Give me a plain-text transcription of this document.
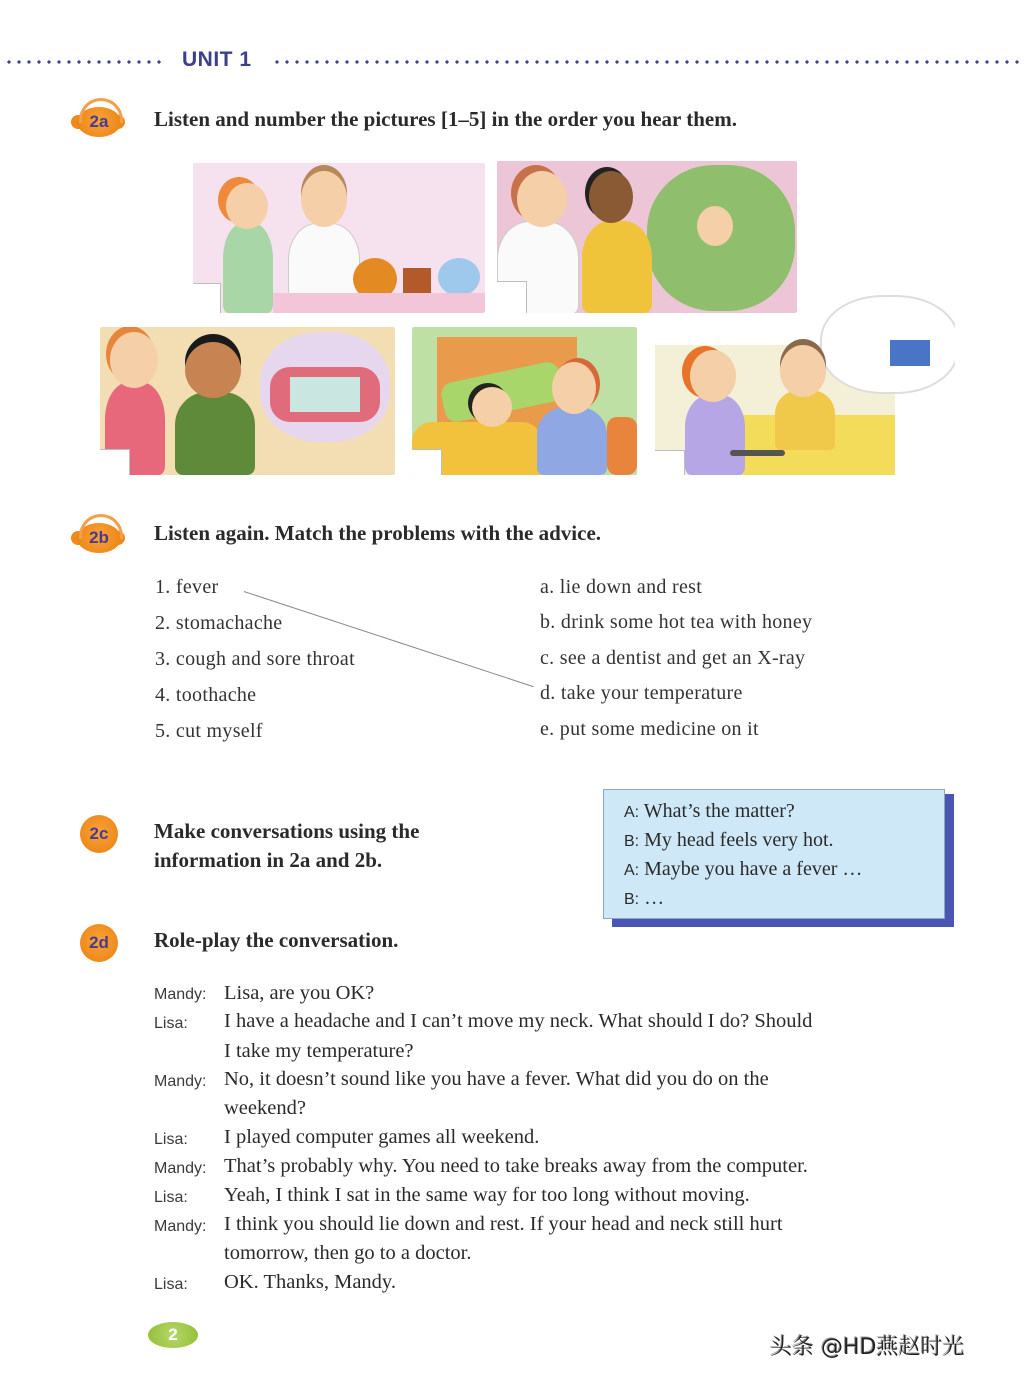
UNIT 1
2a	Listen and number the pictures [1–5] in the order you hear them.
2b	Listen again. Match the problems with the advice.
1. fever
2. stomachache
3. cough and sore throat
4. toothache
5. cut myself
a. lie down and rest
b. drink some hot tea with honey
c. see a dentist and get an X-ray
d. take your temperature
e. put some medicine on it
2c	Make conversations using the
information in 2a and 2b.
A: What’s the matter?
B: My head feels very hot.
A: Maybe you have a fever …
B: …
2d	Role-play the conversation.
Mandy: Lisa, are you OK?
Lisa: I have a headache and I can’t move my neck. What should I do? Should
I take my temperature?
Mandy: No, it doesn’t sound like you have a fever. What did you do on the
weekend?
Lisa: I played computer games all weekend.
Mandy: That’s probably why. You need to take breaks away from the computer.
Lisa: Yeah, I think I sat in the same way for too long without moving.
Mandy: I think you should lie down and rest. If your head and neck still hurt
tomorrow, then go to a doctor.
Lisa: OK. Thanks, Mandy.
2
头条 @HD燕赵时光
